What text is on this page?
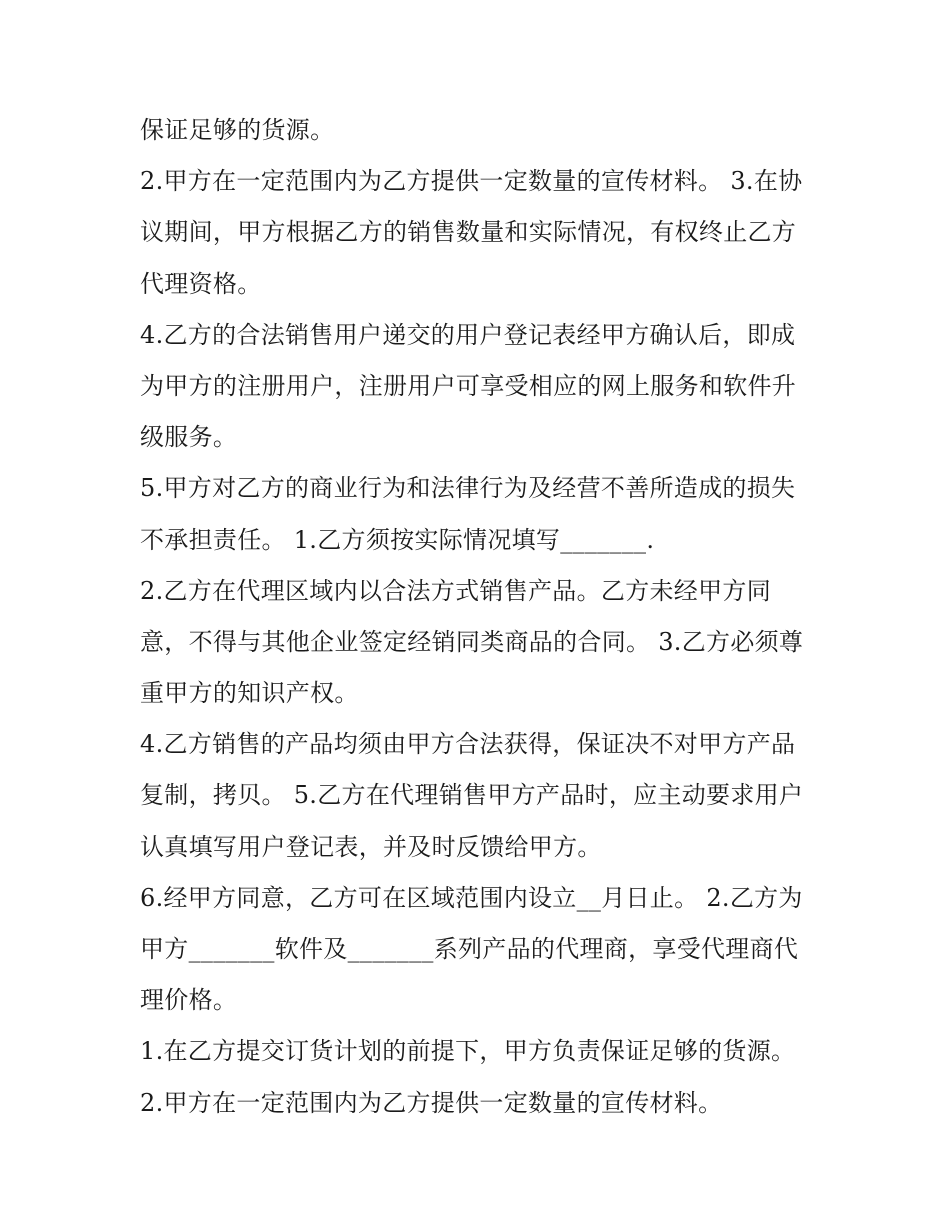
保证足够的货源。
2.甲方在一定范围内为乙方提供一定数量的宣传材料。 3.在协
议期间，甲方根据乙方的销售数量和实际情况，有权终止乙方
代理资格。
4.乙方的合法销售用户递交的用户登记表经甲方确认后，即成
为甲方的注册用户，注册用户可享受相应的网上服务和软件升
级服务。
5.甲方对乙方的商业行为和法律行为及经营不善所造成的损失
不承担责任。 1.乙方须按实际情况填写_______.
2.乙方在代理区域内以合法方式销售产品。乙方未经甲方同
意，不得与其他企业签定经销同类商品的合同。 3.乙方必须尊
重甲方的知识产权。
4.乙方销售的产品均须由甲方合法获得，保证决不对甲方产品
复制，拷贝。 5.乙方在代理销售甲方产品时，应主动要求用户
认真填写用户登记表，并及时反馈给甲方。
6.经甲方同意，乙方可在区域范围内设立__月日止。 2.乙方为
甲方_______软件及_______系列产品的代理商，享受代理商代
理价格。
1.在乙方提交订货计划的前提下，甲方负责保证足够的货源。
2.甲方在一定范围内为乙方提供一定数量的宣传材料。
